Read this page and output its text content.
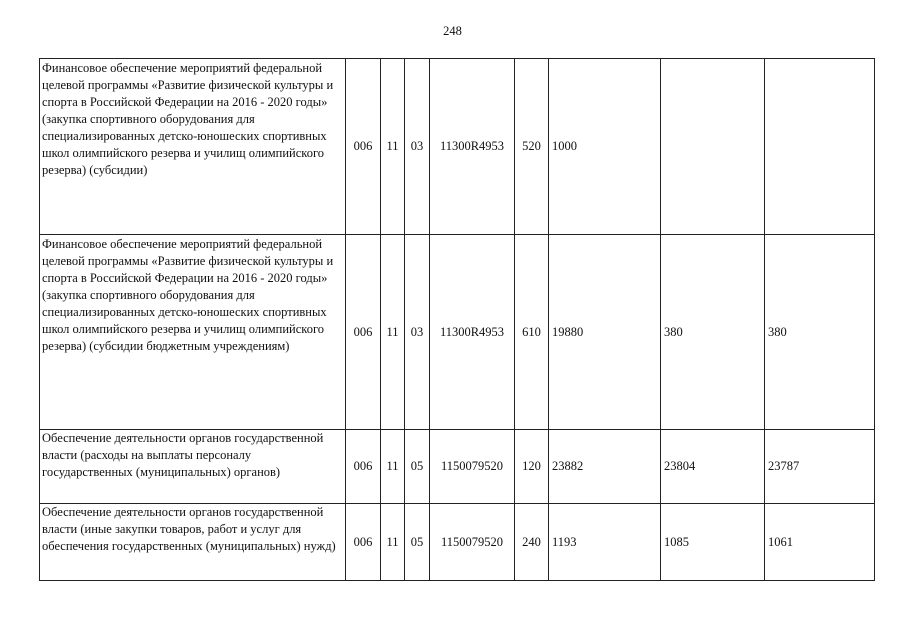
248
Финансовое обеспечение мероприятий федеральной целевой программы «Развитие физической культуры и спорта в Российской Федерации на 2016 - 2020 годы» (закупка спортивного оборудования для специализированных детско-юношеских спортивных школ олимпийского резерва и училищ олимпийского резерва) (субсидии)	006	11	03	11300R4953	520	1000		
Финансовое обеспечение мероприятий федеральной целевой программы «Развитие физической культуры и спорта в Российской Федерации на 2016 - 2020 годы» (закупка спортивного оборудования для специализированных детско-юношеских спортивных школ олимпийского резерва и училищ олимпийского резерва) (субсидии бюджетным учреждениям)	006	11	03	11300R4953	610	19880	380	380
Обеспечение деятельности органов государственной власти (расходы на выплаты персоналу государственных (муниципальных) органов)	006	11	05	1150079520	120	23882	23804	23787
Обеспечение деятельности органов государственной власти (иные закупки товаров, работ и услуг для обеспечения государственных (муниципальных) нужд)	006	11	05	1150079520	240	1193	1085	1061
